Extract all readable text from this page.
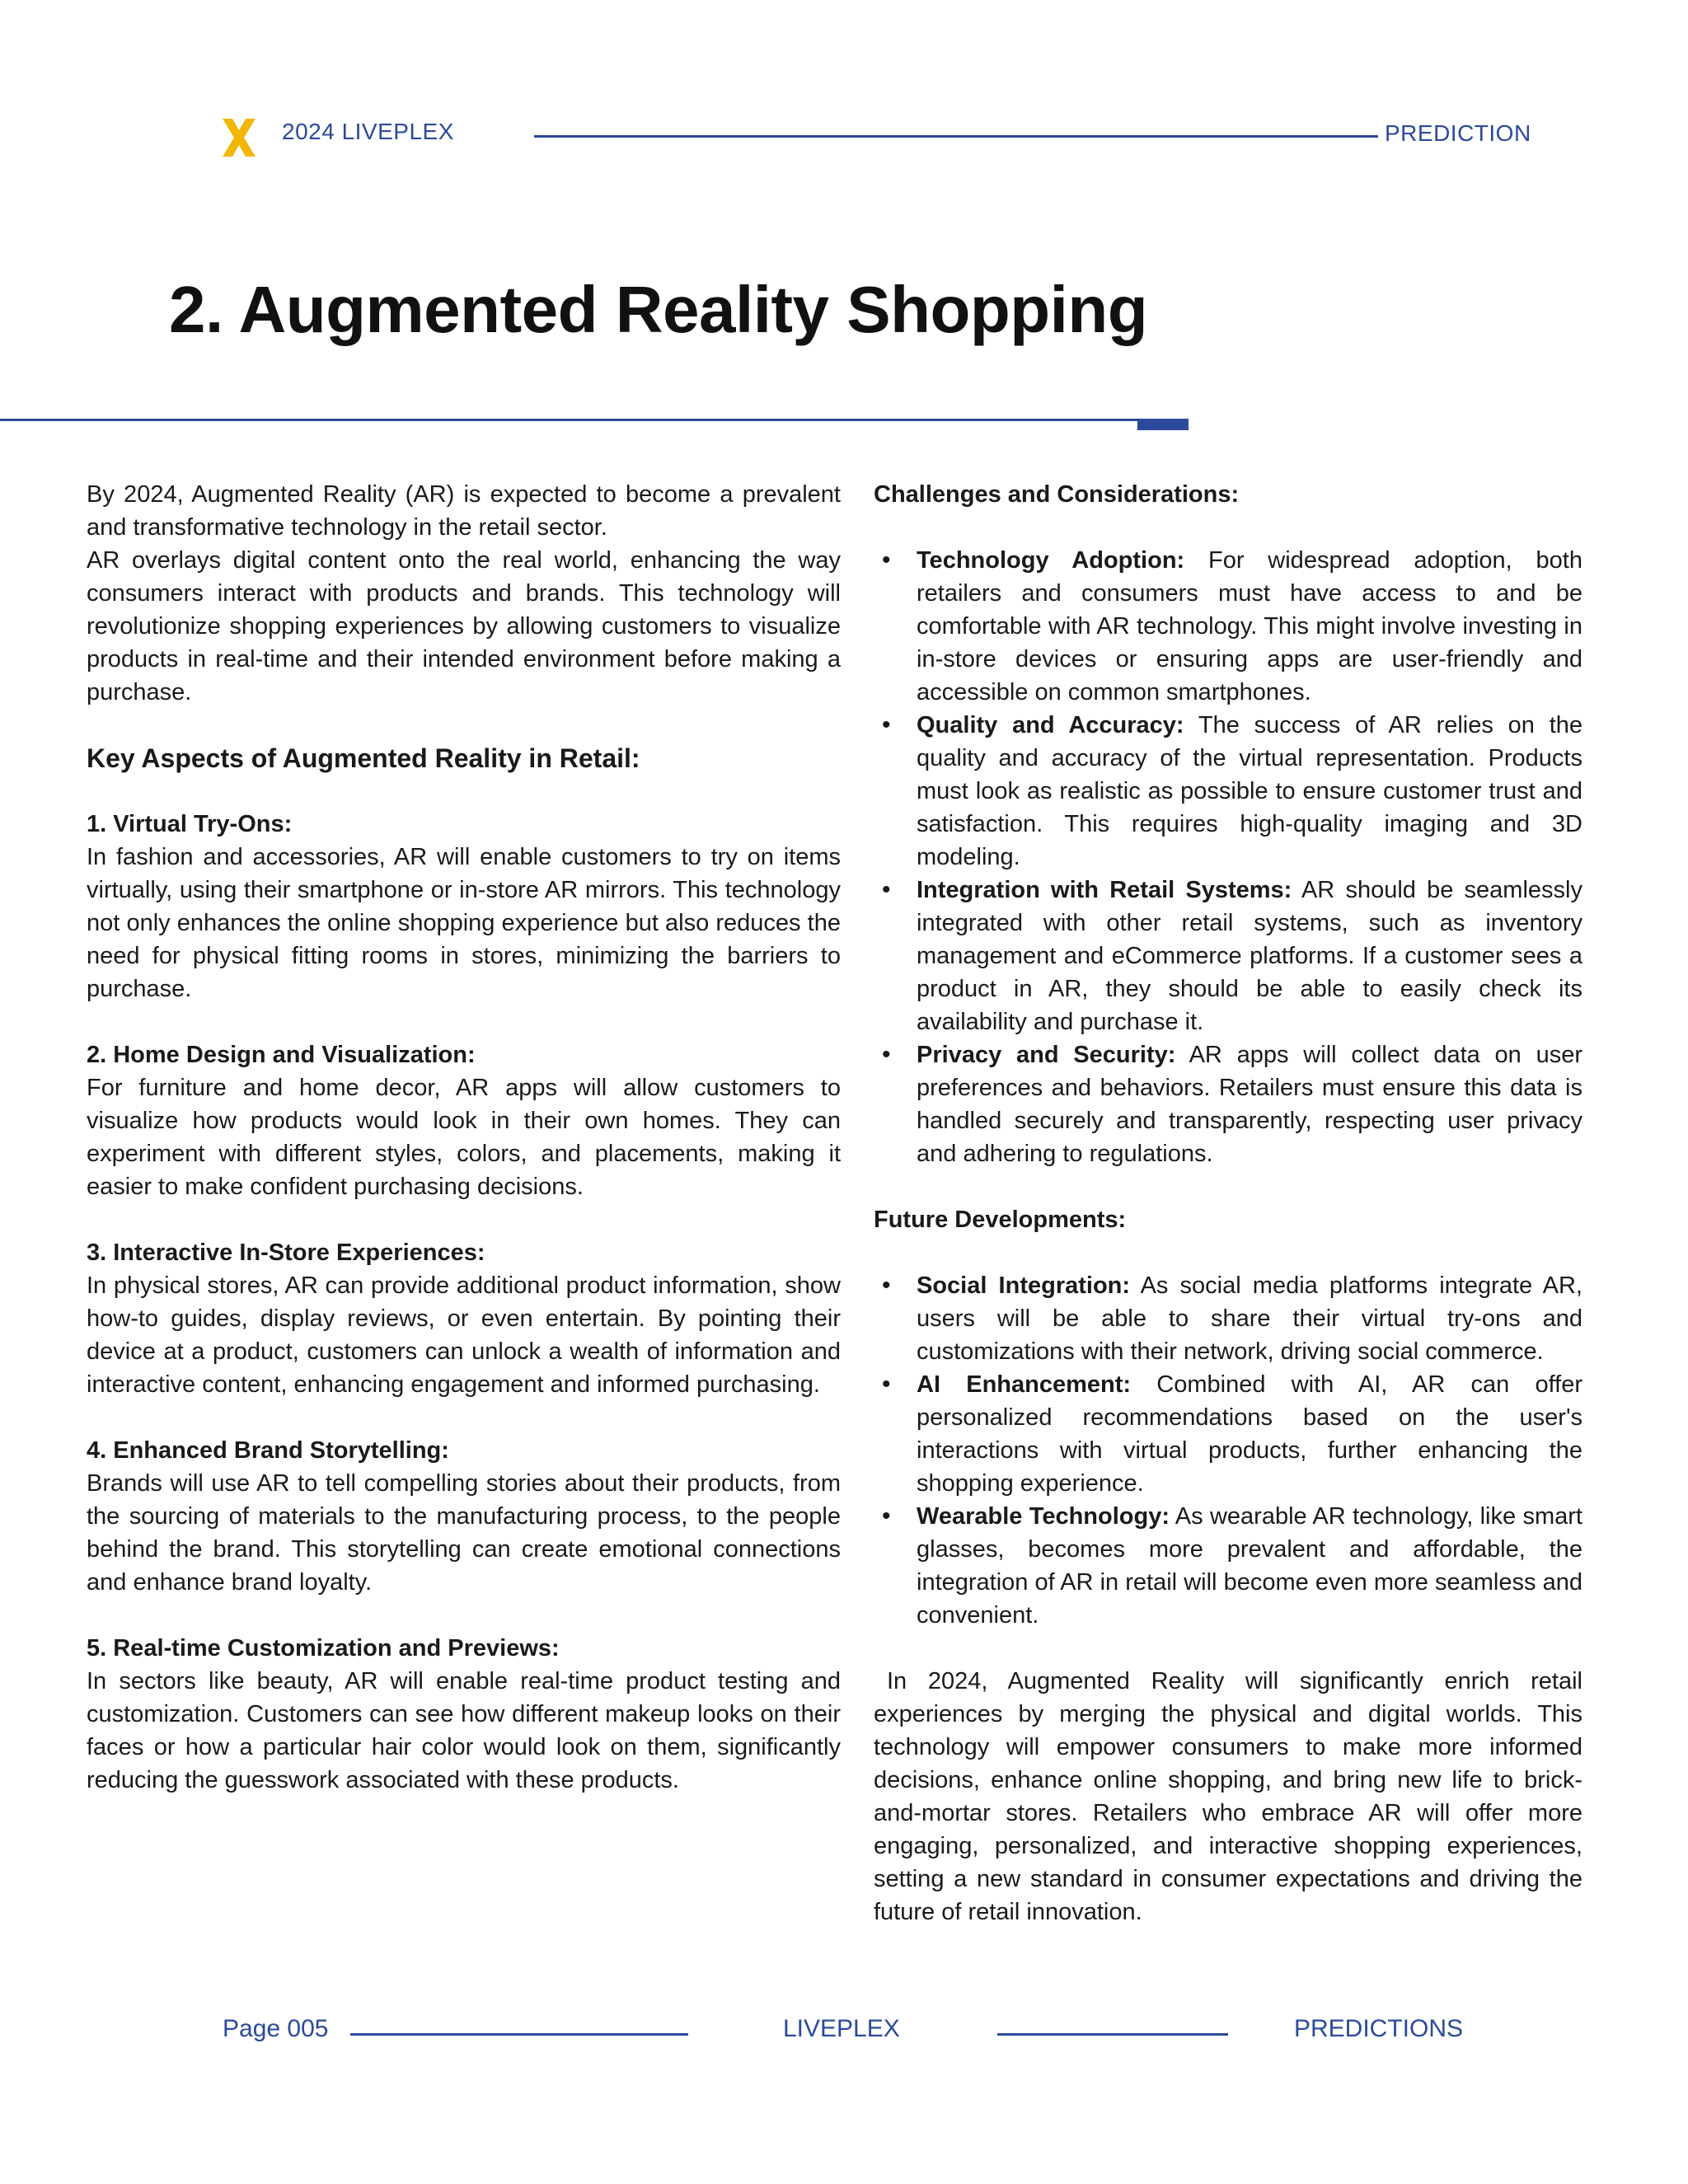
2024 LIVEPLEX	PREDICTION
2. Augmented Reality Shopping

By 2024, Augmented Reality (AR) is expected to become a prevalent and transformative technology in the retail sector.

AR overlays digital content onto the real world, enhancing the way consumers interact with products and brands. This technology will revolutionize shopping experiences by allowing customers to visualize products in real-time and their intended environment before making a purchase.

Key Aspects of Augmented Reality in Retail:

1. Virtual Try-Ons:

In fashion and accessories, AR will enable customers to try on items virtually, using their smartphone or in-store AR mirrors. This technology not only enhances the online shopping experience but also reduces the need for physical fitting rooms in stores, minimizing the barriers to purchase.

2. Home Design and Visualization:

For furniture and home decor, AR apps will allow customers to visualize how products would look in their own homes. They can experiment with different styles, colors, and placements, making it easier to make confident purchasing decisions.

3. Interactive In-Store Experiences:

In physical stores, AR can provide additional product information, show how-to guides, display reviews, or even entertain. By pointing their device at a product, customers can unlock a wealth of information and interactive content, enhancing engagement and informed purchasing.

4. Enhanced Brand Storytelling:

Brands will use AR to tell compelling stories about their products, from the sourcing of materials to the manufacturing process, to the people behind the brand. This storytelling can create emotional connections and enhance brand loyalty.

5. Real-time Customization and Previews:

In sectors like beauty, AR will enable real-time product testing and customization. Customers can see how different makeup looks on their faces or how a particular hair color would look on them, significantly reducing the guesswork associated with these products.

Challenges and Considerations:

• Technology Adoption: For widespread adoption, both retailers and consumers must have access to and be comfortable with AR technology. This might involve investing in in-store devices or ensuring apps are user-friendly and accessible on common smartphones.
• Quality and Accuracy: The success of AR relies on the quality and accuracy of the virtual representation. Products must look as realistic as possible to ensure customer trust and satisfaction. This requires high-quality imaging and 3D modeling.
• Integration with Retail Systems: AR should be seamlessly integrated with other retail systems, such as inventory management and eCommerce platforms. If a customer sees a product in AR, they should be able to easily check its availability and purchase it.
• Privacy and Security: AR apps will collect data on user preferences and behaviors. Retailers must ensure this data is handled securely and transparently, respecting user privacy and adhering to regulations.

Future Developments:

• Social Integration: As social media platforms integrate AR, users will be able to share their virtual try-ons and customizations with their network, driving social commerce.
• AI Enhancement: Combined with AI, AR can offer personalized recommendations based on the user's interactions with virtual products, further enhancing the shopping experience.
• Wearable Technology: As wearable AR technology, like smart glasses, becomes more prevalent and affordable, the integration of AR in retail will become even more seamless and convenient.

In 2024, Augmented Reality will significantly enrich retail experiences by merging the physical and digital worlds. This technology will empower consumers to make more informed decisions, enhance online shopping, and bring new life to brick-and-mortar stores. Retailers who embrace AR will offer more engaging, personalized, and interactive shopping experiences, setting a new standard in consumer expectations and driving the future of retail innovation.

Page 005	LIVEPLEX	PREDICTIONS
